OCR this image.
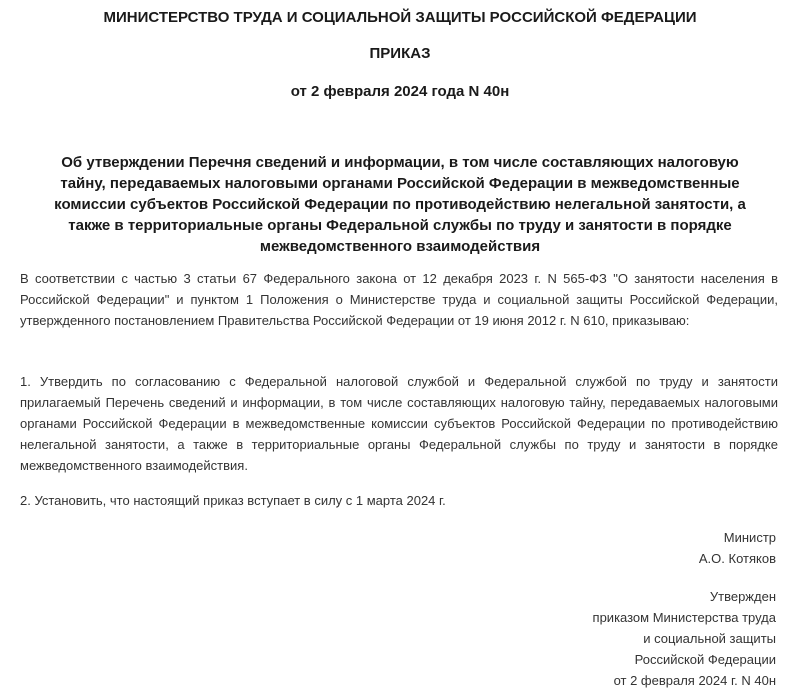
МИНИСТЕРСТВО ТРУДА И СОЦИАЛЬНОЙ ЗАЩИТЫ РОССИЙСКОЙ ФЕДЕРАЦИИ
ПРИКАЗ
от 2 февраля 2024 года N 40н
Об утверждении Перечня сведений и информации, в том числе составляющих налоговую
тайну, передаваемых налоговыми органами Российской Федерации в межведомственные
комиссии субъектов Российской Федерации по противодействию нелегальной занятости, а
также в территориальные органы Федеральной службы по труду и занятости в порядке
межведомственного взаимодействия
В соответствии с частью 3 статьи 67 Федерального закона от 12 декабря 2023 г. N 565-ФЗ "О занятости населения в Российской Федерации" и пунктом 1 Положения о Министерстве труда и социальной защиты Российской Федерации, утвержденного постановлением Правительства Российской Федерации от 19 июня 2012 г. N 610, приказываю:
1. Утвердить по согласованию с Федеральной налоговой службой и Федеральной службой по труду и занятости прилагаемый Перечень сведений и информации, в том числе составляющих налоговую тайну, передаваемых налоговыми органами Российской Федерации в межведомственные комиссии субъектов Российской Федерации по противодействию нелегальной занятости, а также в территориальные органы Федеральной службы по труду и занятости в порядке межведомственного взаимодействия.
2. Установить, что настоящий приказ вступает в силу с 1 марта 2024 г.
Министр
А.О. Котяков
Утвержден
приказом Министерства труда
и социальной защиты
Российской Федерации
от 2 февраля 2024 г. N 40н
